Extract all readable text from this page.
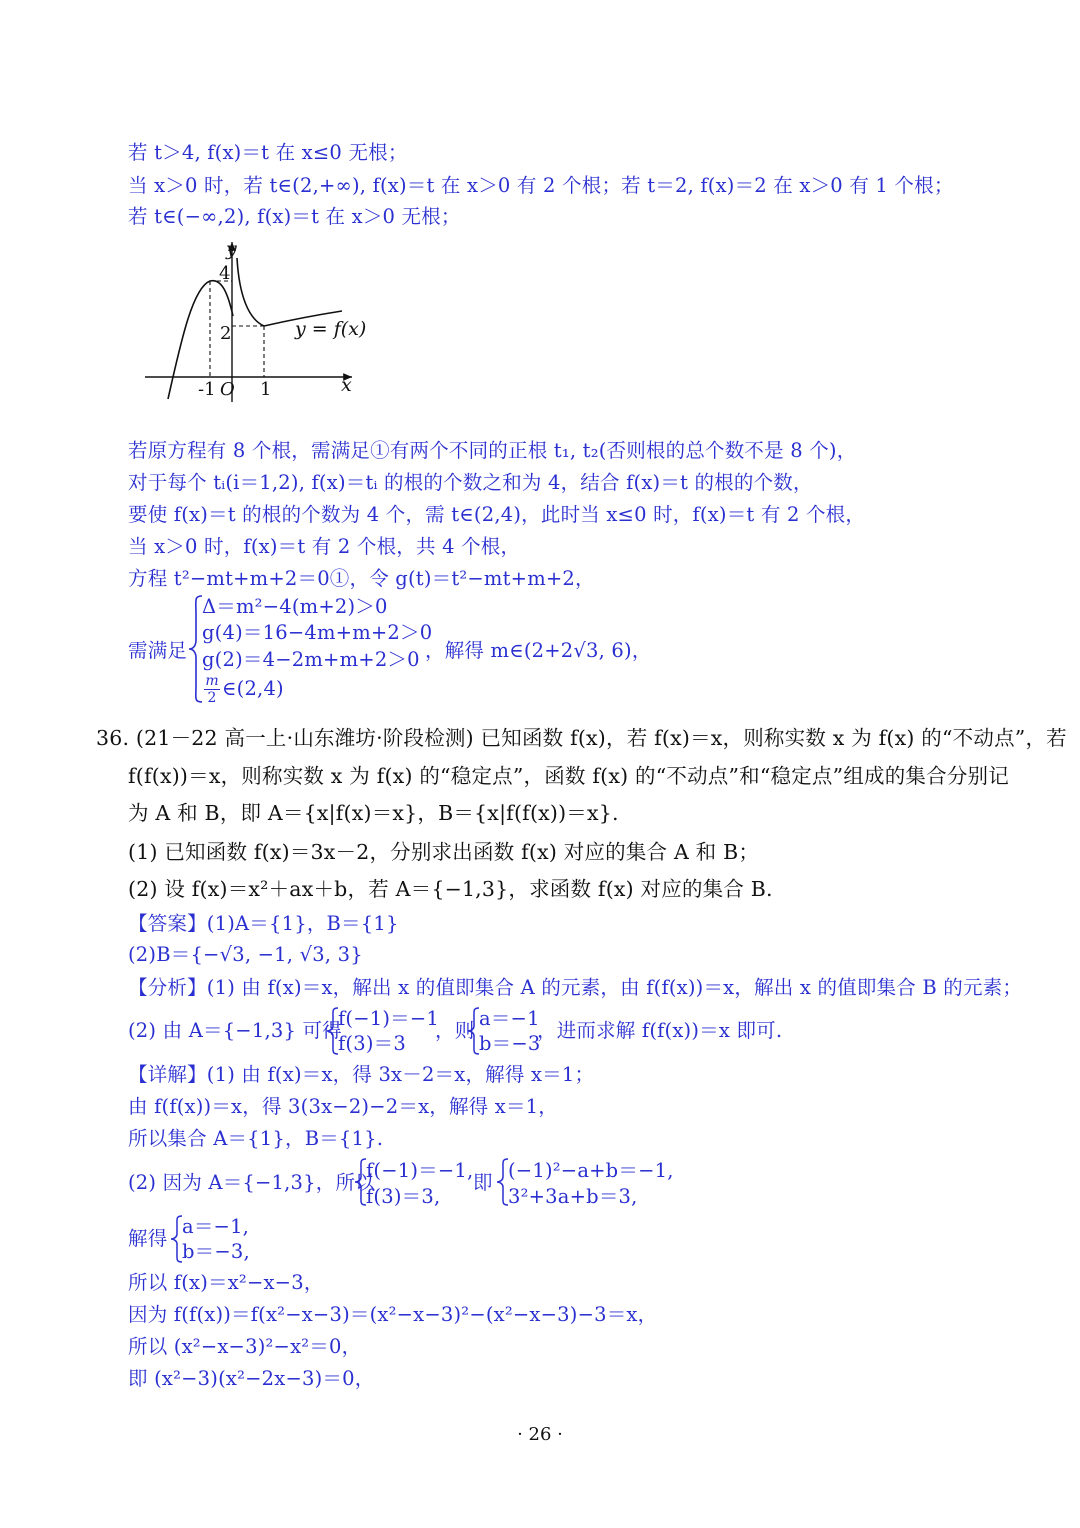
若 t＞4, f(x)＝t 在 x≤0 无根；
当 x＞0 时，若 t∈(2,+∞), f(x)＝t 在 x＞0 有 2 个根；若 t＝2, f(x)＝2 在 x＞0 有 1 个根；
若 t∈(−∞,2), f(x)＝t 在 x＞0 无根；
y
x
4
2
-1 O 1
y = f(x)
若原方程有 8 个根，需满足①有两个不同的正根 t₁, t₂(否则根的总个数不是 8 个)，
对于每个 tᵢ(i＝1,2), f(x)＝tᵢ 的根的个数之和为 4，结合 f(x)＝t 的根的个数，
要使 f(x)＝t 的根的个数为 4 个，需 t∈(2,4)，此时当 x≤0 时，f(x)＝t 有 2 个根，
当 x＞0 时，f(x)＝t 有 2 个根，共 4 个根，
方程 t²−mt+m+2＝0①，令 g(t)＝t²−mt+m+2，
需满足
Δ＝m²−4(m+2)＞0
g(4)＝16−4m+m+2＞0
g(2)＝4−2m+m+2＞0
$\frac{m}{2}$ ∈(2,4)
，解得 m∈(2+2√3, 6)，
36. (21－22 高一上·山东潍坊·阶段检测) 已知函数 f(x)，若 f(x)＝x，则称实数 x 为 f(x) 的“不动点”，若
f(f(x))＝x，则称实数 x 为 f(x) 的“稳定点”，函数 f(x) 的“不动点”和“稳定点”组成的集合分别记
为 A 和 B，即 A＝{x|f(x)＝x}，B＝{x|f(f(x))＝x}.
(1) 已知函数 f(x)＝3x－2，分别求出函数 f(x) 对应的集合 A 和 B；
(2) 设 f(x)＝x²＋ax＋b，若 A＝{−1,3}，求函数 f(x) 对应的集合 B.
【答案】(1)A＝{1}，B＝{1}
(2)B＝{−√3, −1, √3, 3}
【分析】(1) 由 f(x)＝x，解出 x 的值即集合 A 的元素，由 f(f(x))＝x，解出 x 的值即集合 B 的元素；
(2) 由 A＝{−1,3} 可得
f(−1)＝−1
f(3)＝3
，则
a＝−1
b＝−3
，进而求解 f(f(x))＝x 即可.
【详解】(1) 由 f(x)＝x，得 3x－2＝x，解得 x＝1；
由 f(f(x))＝x，得 3(3x−2)−2＝x，解得 x＝1，
所以集合 A＝{1}，B＝{1}.
(2) 因为 A＝{−1,3}，所以
f(−1)＝−1,
f(3)＝3,
即
(−1)²−a+b＝−1,
3²+3a+b＝3,
解得
a＝−1,
b＝−3,
所以 f(x)＝x²−x−3，
因为 f(f(x))＝f(x²−x−3)＝(x²−x−3)²−(x²−x−3)−3＝x，
所以 (x²−x−3)²−x²＝0，
即 (x²−3)(x²−2x−3)＝0，
· 26 ·
